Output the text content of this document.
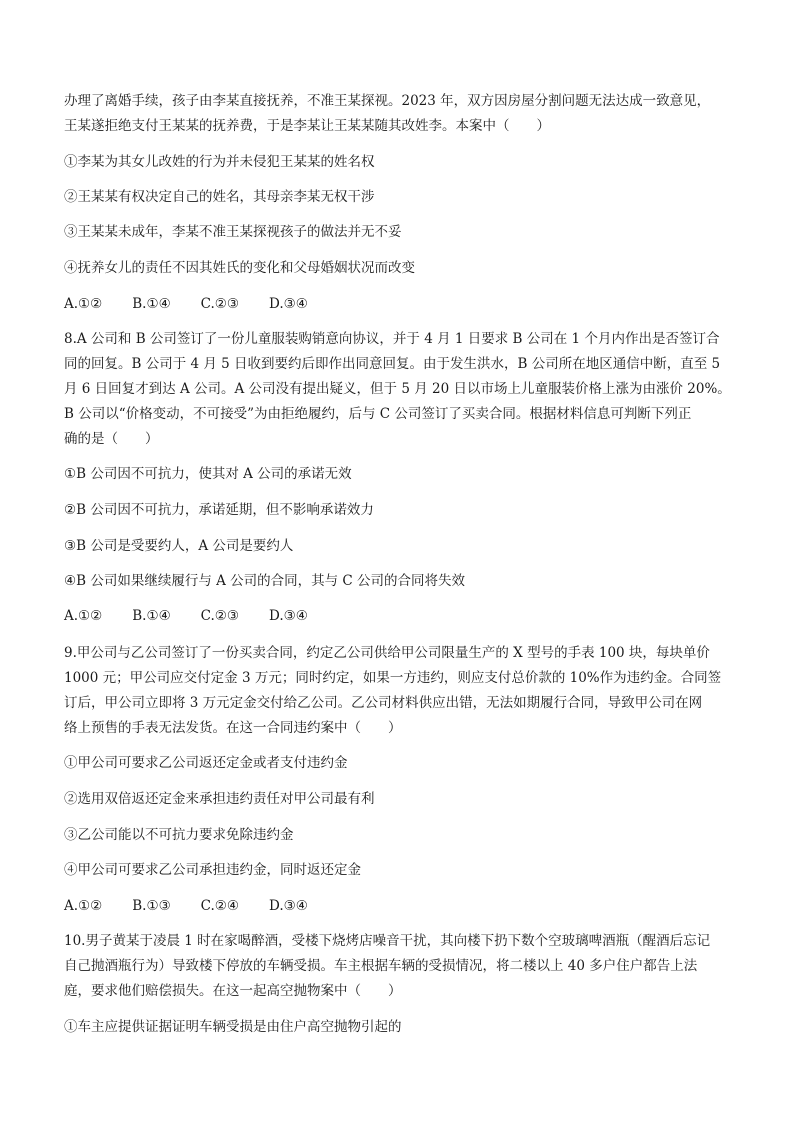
办理了离婚手续，孩子由李某直接抚养，不准王某探视。2023 年，双方因房屋分割问题无法达成一致意见，
王某遂拒绝支付王某某的抚养费，于是李某让王某某随其改姓李。本案中（　　）
①李某为其女儿改姓的行为并未侵犯王某某的姓名权
②王某某有权决定自己的姓名，其母亲李某无权干涉
③王某某未成年，李某不准王某探视孩子的做法并无不妥
④抚养女儿的责任不因其姓氏的变化和父母婚姻状况而改变
A.①② B.①④ C.②③ D.③④
8.A 公司和 B 公司签订了一份儿童服装购销意向协议，并于 4 月 1 日要求 B 公司在 1 个月内作出是否签订合
同的回复。B 公司于 4 月 5 日收到要约后即作出同意回复。由于发生洪水，B 公司所在地区通信中断，直至 5
月 6 日回复才到达 A 公司。A 公司没有提出疑义，但于 5 月 20 日以市场上儿童服装价格上涨为由涨价 20%。
B 公司以“价格变动，不可接受”为由拒绝履约，后与 C 公司签订了买卖合同。根据材料信息可判断下列正
确的是（　　）
①B 公司因不可抗力，使其对 A 公司的承诺无效
②B 公司因不可抗力，承诺延期，但不影响承诺效力
③B 公司是受要约人，A 公司是要约人
④B 公司如果继续履行与 A 公司的合同，其与 C 公司的合同将失效
A.①② B.①④ C.②③ D.③④
9.甲公司与乙公司签订了一份买卖合同，约定乙公司供给甲公司限量生产的 X 型号的手表 100 块，每块单价
1000 元；甲公司应交付定金 3 万元；同时约定，如果一方违约，则应支付总价款的 10%作为违约金。合同签
订后，甲公司立即将 3 万元定金交付给乙公司。乙公司材料供应出错，无法如期履行合同，导致甲公司在网
络上预售的手表无法发货。在这一合同违约案中（　　）
①甲公司可要求乙公司返还定金或者支付违约金
②选用双倍返还定金来承担违约责任对甲公司最有利
③乙公司能以不可抗力要求免除违约金
④甲公司可要求乙公司承担违约金，同时返还定金
A.①② B.①③ C.②④ D.③④
10.男子黄某于凌晨 1 时在家喝醉酒，受楼下烧烤店噪音干扰，其向楼下扔下数个空玻璃啤酒瓶（醒酒后忘记
自己抛酒瓶行为）导致楼下停放的车辆受损。车主根据车辆的受损情况，将二楼以上 40 多户住户都告上法
庭，要求他们赔偿损失。在这一起高空抛物案中（　　）
①车主应提供证据证明车辆受损是由住户高空抛物引起的
